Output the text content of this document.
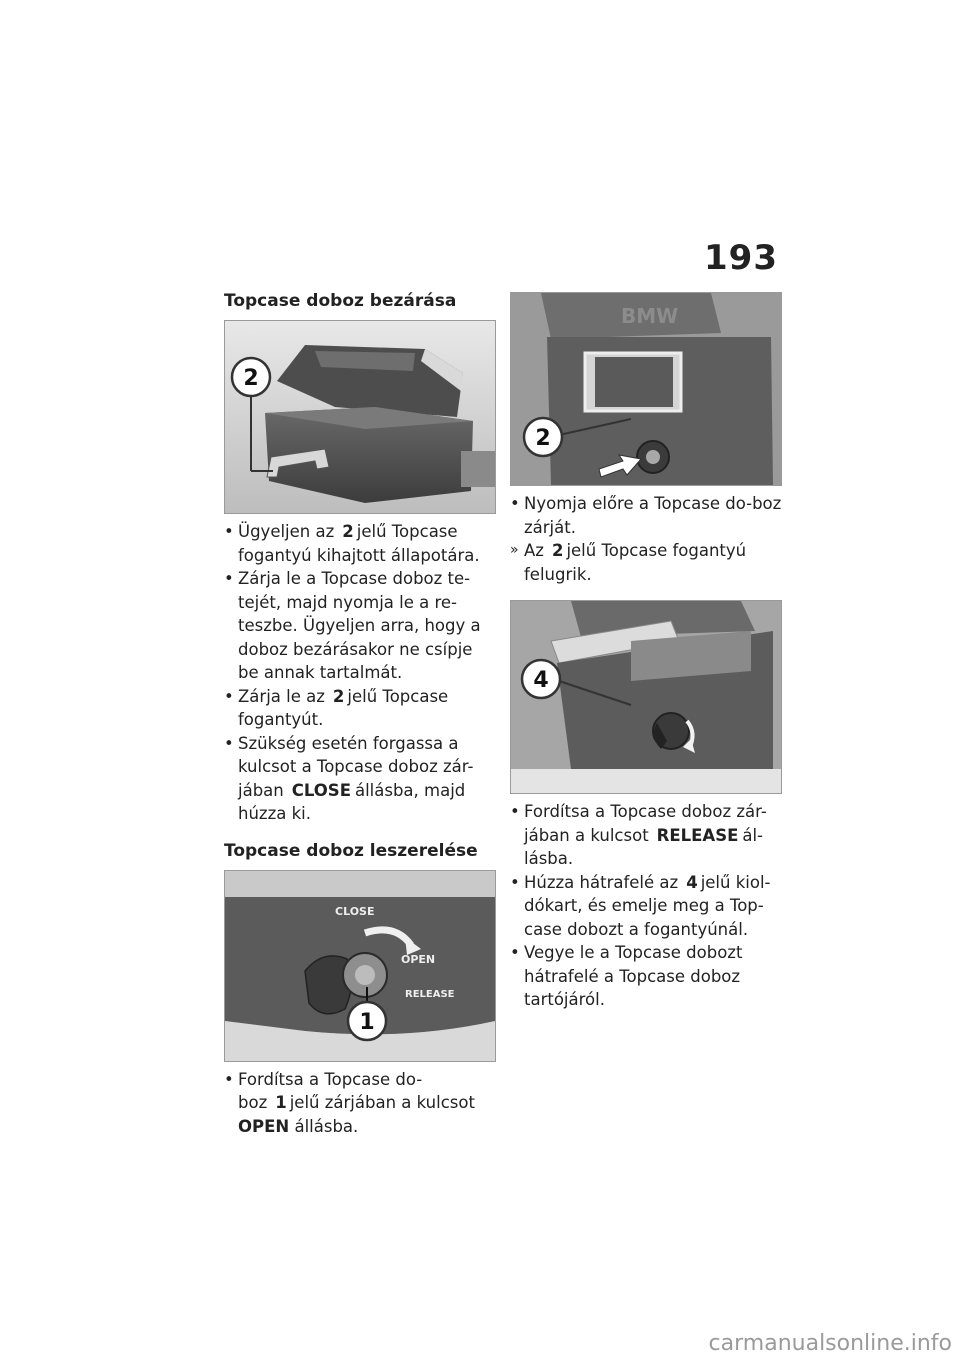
193
Topcase doboz bezárása
2
• Ügyeljen az 2 jelű Topcase fogantyú kihajtott állapotára.
• Zárja le a Topcase doboz te-tejét, majd nyomja le a re-teszbe. Ügyeljen arra, hogy a doboz bezárásakor ne csípje be annak tartalmát.
• Zárja le az 2 jelű Topcase fogantyút.
• Szükség esetén forgassa a kulcsot a Topcase doboz zár-jában CLOSE állásba, majd húzza ki.
Topcase doboz leszerelése
CLOSE
OPEN
RELEASE
1
• Fordítsa a Topcase do-boz 1 jelű zárjában a kulcsot OPEN állásba.
BMW
2
• Nyomja előre a Topcase do-boz zárját.
» Az 2 jelű Topcase fogantyú felugrik.
4
• Fordítsa a Topcase doboz zár-jában a kulcsot RELEASE ál-lásba.
• Húzza hátrafelé az 4 jelű kiol-dókart, és emelje meg a Top-case dobozt a fogantyúnál.
• Vegye le a Topcase dobozt hátrafelé a Topcase doboz tartójáról.
carmanualsonline.info
